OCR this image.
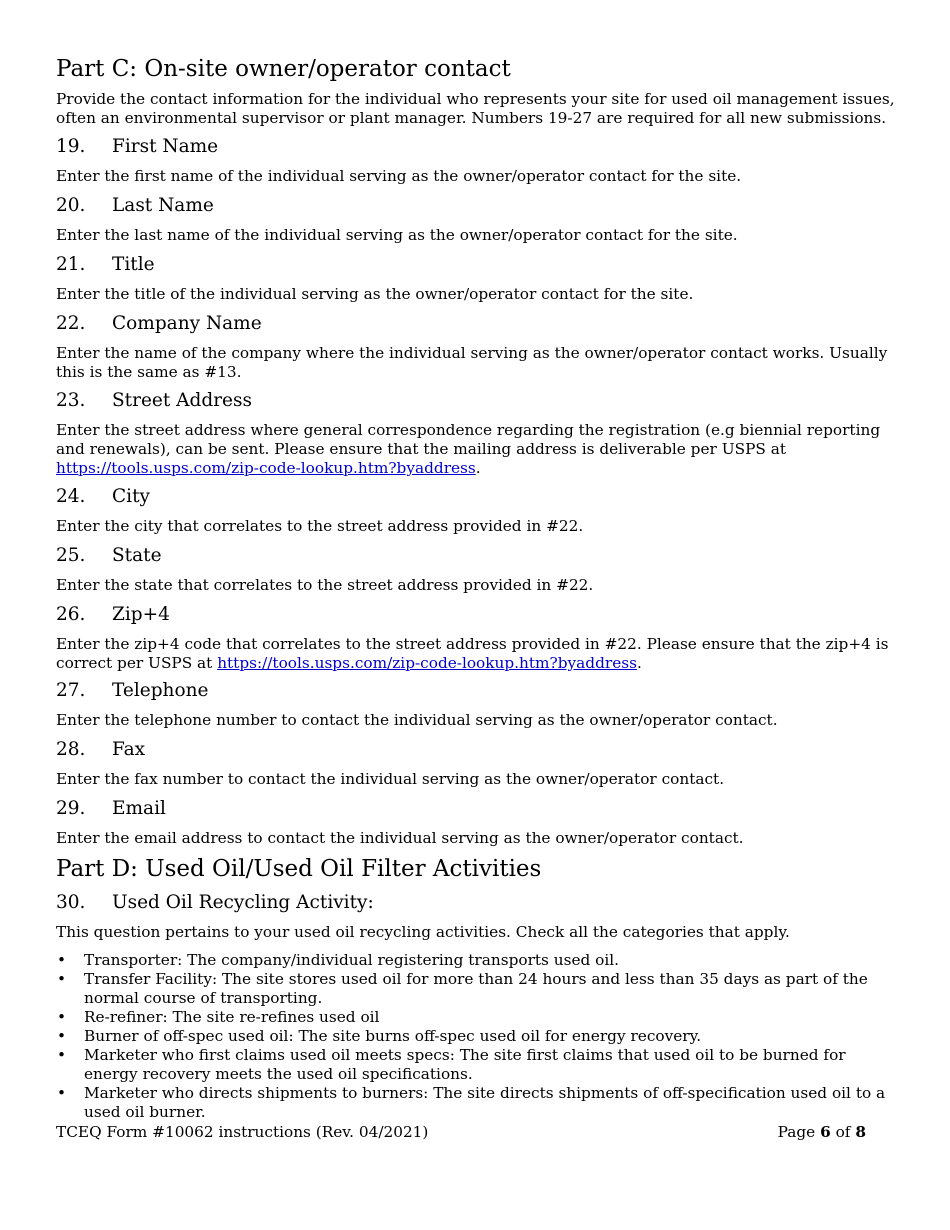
Part C: On-site owner/operator contact

Provide the contact information for the individual who represents your site for used oil management issues, often an environmental supervisor or plant manager. Numbers 19-27 are required for all new submissions.

19.	First Name

Enter the first name of the individual serving as the owner/operator contact for the site.

20.	Last Name

Enter the last name of the individual serving as the owner/operator contact for the site.

21.	Title

Enter the title of the individual serving as the owner/operator contact for the site.

22.	Company Name

Enter the name of the company where the individual serving as the owner/operator contact works. Usually this is the same as #13.

23.	Street Address

Enter the street address where general correspondence regarding the registration (e.g biennial reporting and renewals), can be sent. Please ensure that the mailing address is deliverable per USPS at https://tools.usps.com/zip-code-lookup.htm?byaddress.

24.	City

Enter the city that correlates to the street address provided in #22.

25.	State

Enter the state that correlates to the street address provided in #22.

26.	Zip+4

Enter the zip+4 code that correlates to the street address provided in #22. Please ensure that the zip+4 is correct per USPS at https://tools.usps.com/zip-code-lookup.htm?byaddress.

27.	Telephone

Enter the telephone number to contact the individual serving as the owner/operator contact.

28.	Fax

Enter the fax number to contact the individual serving as the owner/operator contact.

29.	Email

Enter the email address to contact the individual serving as the owner/operator contact.

Part D: Used Oil/Used Oil Filter Activities
30.	Used Oil Recycling Activity:

This question pertains to your used oil recycling activities. Check all the categories that apply.

• Transporter: The company/individual registering transports used oil.
• Transfer Facility: The site stores used oil for more than 24 hours and less than 35 days as part of the normal course of transporting.
• Re-refiner: The site re-refines used oil
• Burner of off-spec used oil: The site burns off-spec used oil for energy recovery.
• Marketer who first claims used oil meets specs: The site first claims that used oil to be burned for energy recovery meets the used oil specifications.
• Marketer who directs shipments to burners: The site directs shipments of off-specification used oil to a used oil burner.
TCEQ Form #10062 instructions (Rev. 04/2021)	Page 6 of 8
